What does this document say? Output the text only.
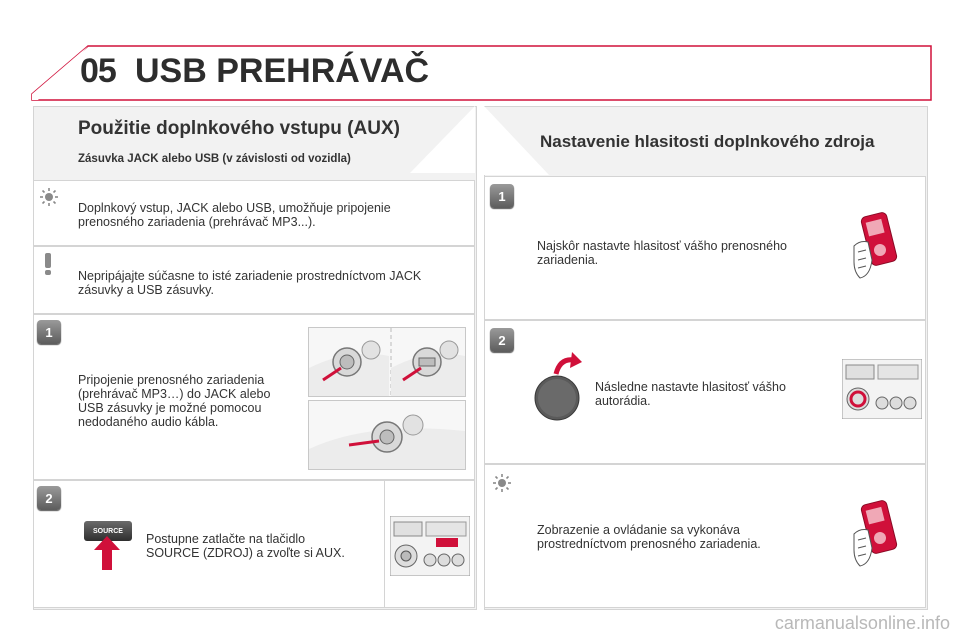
05 USB PREHRÁVAČ
Použitie doplnkového vstupu (AUX)
Zásuvka JACK alebo USB (v závislosti od vozidla)
Doplnkový vstup, JACK alebo USB, umožňuje pripojenie
prenosného zariadenia (prehrávač MP3...).
Nepripájajte súčasne to isté zariadenie prostredníctvom JACK
zásuvky a USB zásuvky.
1
Pripojenie prenosného zariadenia
(prehrávač MP3…) do JACK alebo
USB zásuvky je možné pomocou
nedodaného audio kábla.
2
SOURCE
Postupne zatlačte na tlačidlo
SOURCE (ZDROJ) a zvoľte si AUX.
Nastavenie hlasitosti doplnkového zdroja
1
Najskôr nastavte hlasitosť vášho prenosného
zariadenia.
2
Následne nastavte hlasitosť vášho
autorádia.
Zobrazenie a ovládanie sa vykonáva
prostredníctvom prenosného zariadenia.
carmanualsonline.info
